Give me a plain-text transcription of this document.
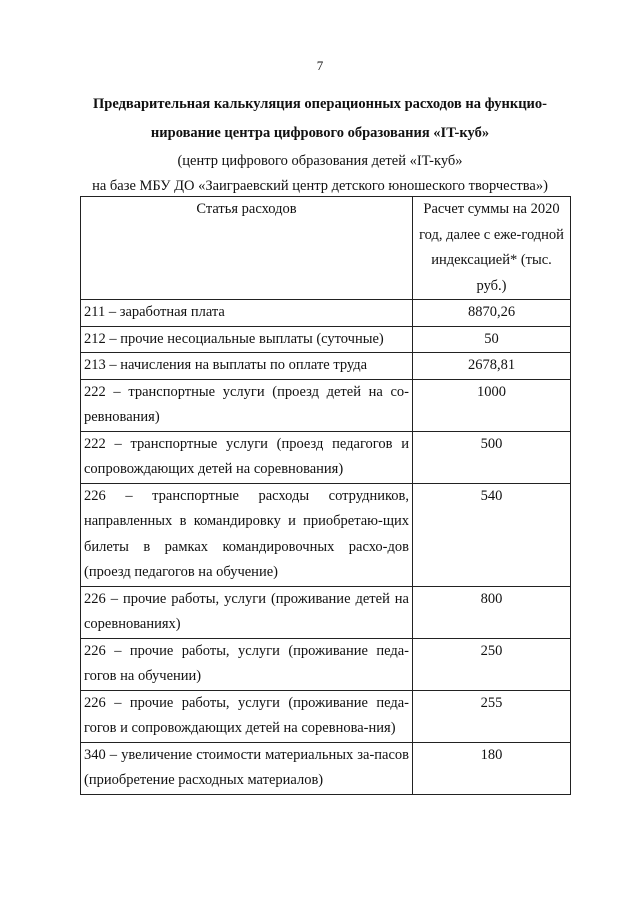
7

Предварительная калькуляция операционных расходов на функцио-
нирование центра цифрового образования «IT-куб»

(центр цифрового образования детей «IT-куб»
на базе МБУ ДО «Заиграевский центр детского юношеского творчества»)

Статья расходов	Расчет суммы на 2020 год, далее с еже-годной индексацией* (тыс. руб.)
211 – заработная плата	8870,26
212 – прочие несоциальные выплаты (суточные)	50
213 – начисления на выплаты по оплате труда	2678,81
222 – транспортные услуги (проезд детей на со-ревнования)	1000
222 – транспортные услуги (проезд педагогов и сопровождающих детей на соревнования)	500
226 – транспортные расходы сотрудников, направленных в командировку и приобретаю-щих билеты в рамках командировочных расхо-дов (проезд педагогов на обучение)	540
226 – прочие работы, услуги (проживание детей на соревнованиях)	800
226 – прочие работы, услуги (проживание педа-гогов на обучении)	250
226 – прочие работы, услуги (проживание педа-гогов и сопровождающих детей на соревнова-ния)	255
340 – увеличение стоимости материальных за-пасов (приобретение расходных материалов)	180
